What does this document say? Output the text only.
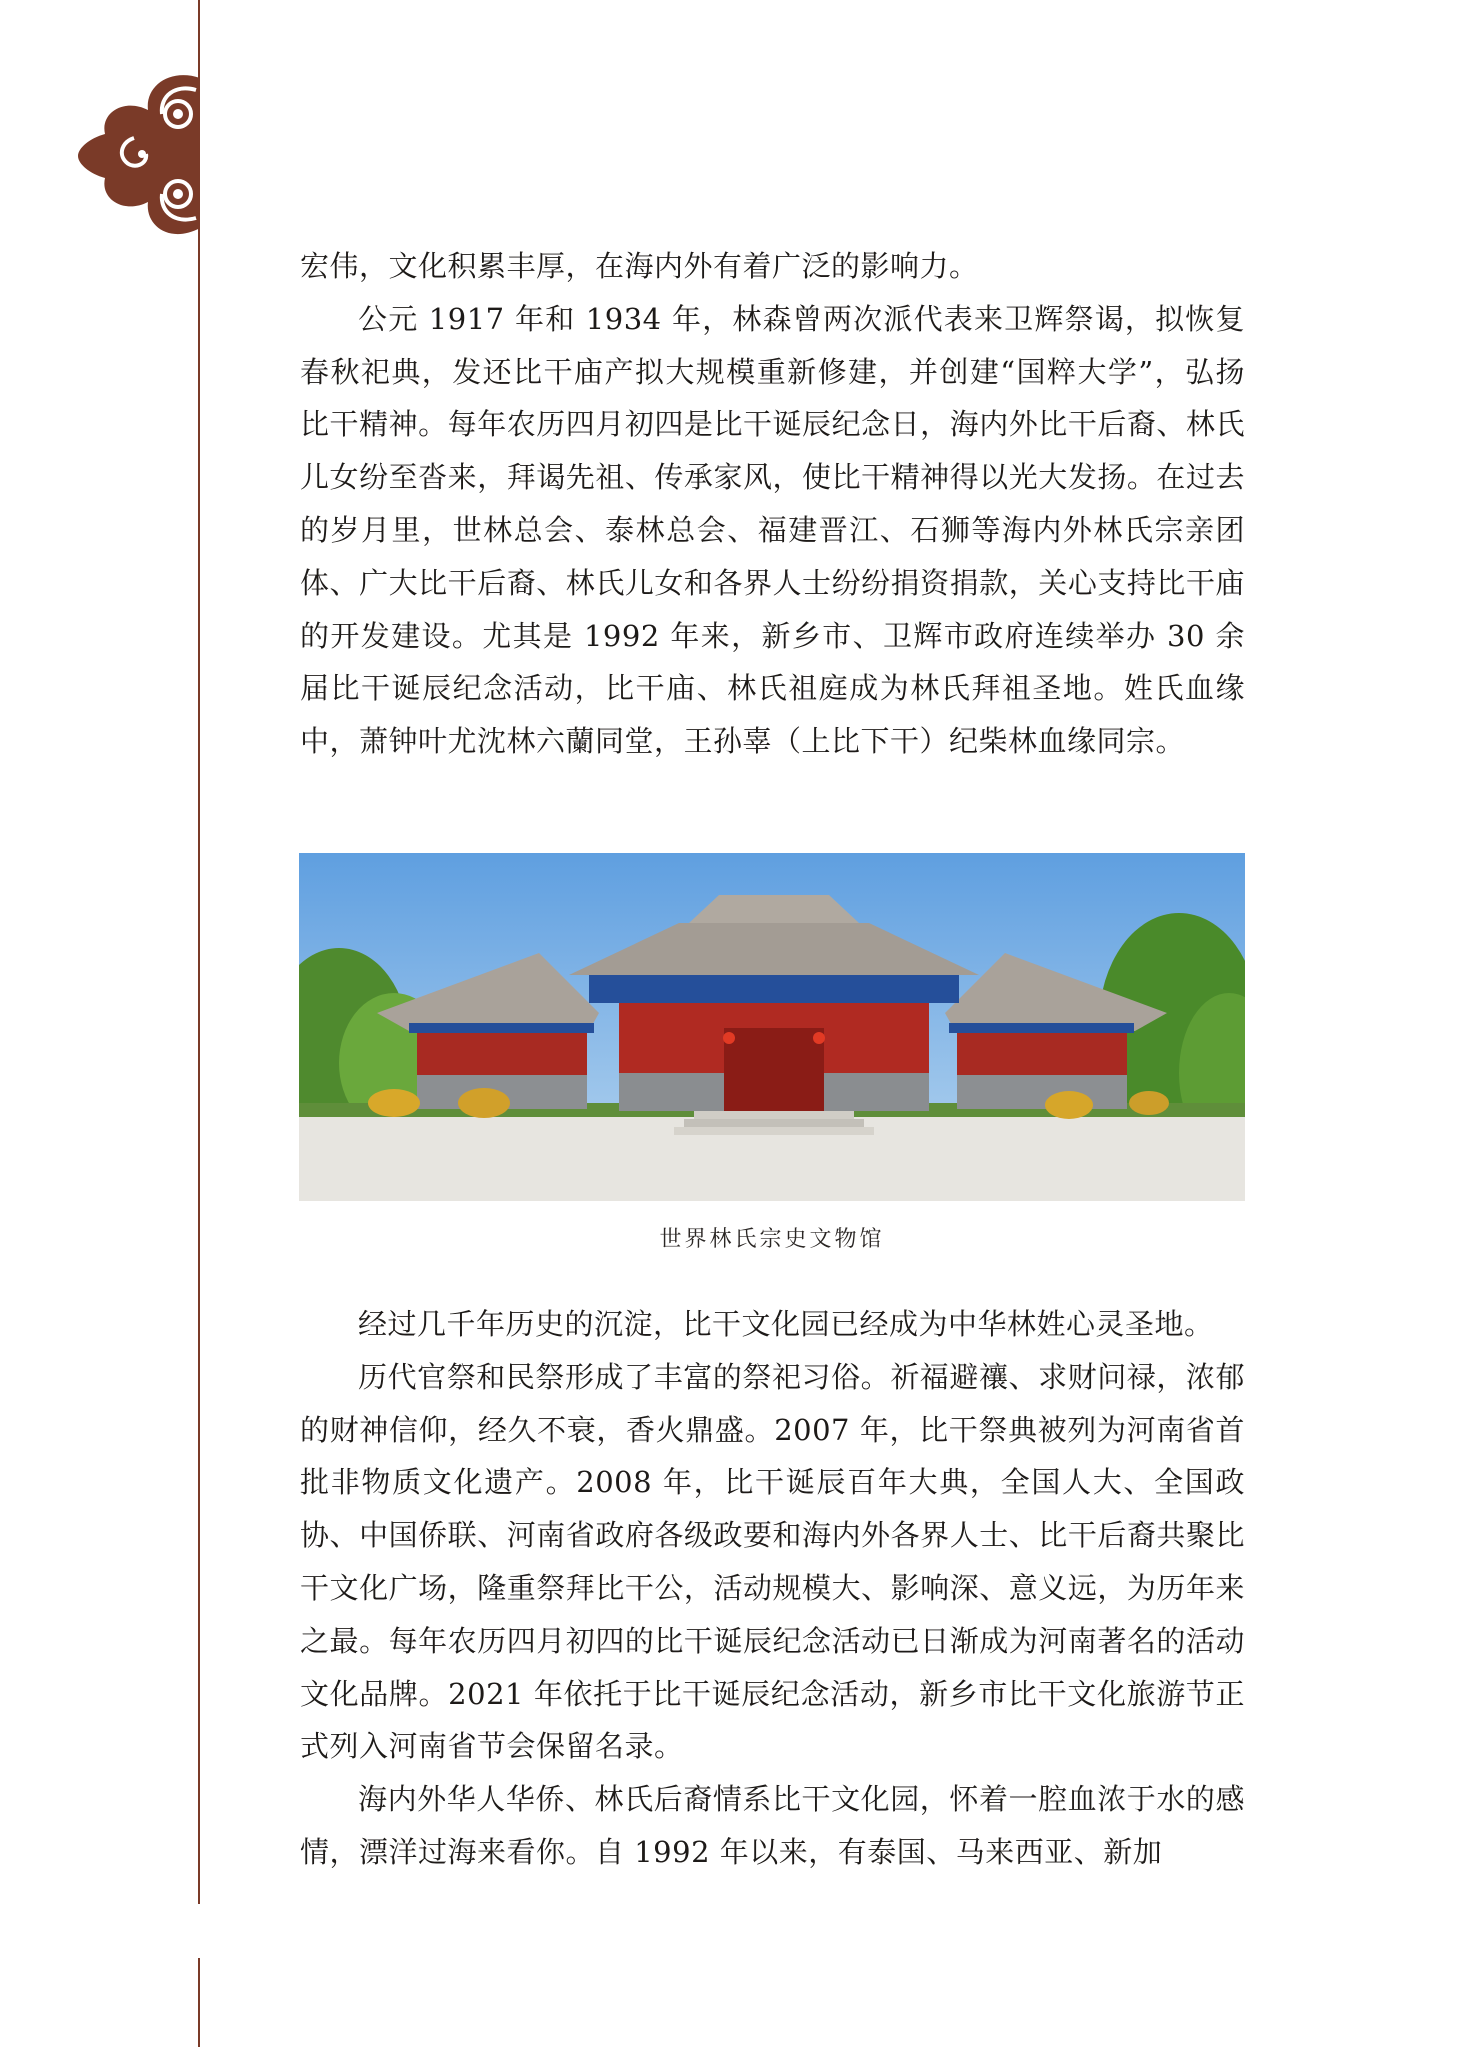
宏伟，文化积累丰厚，在海内外有着广泛的影响力。

公元 1917 年和 1934 年，林森曾两次派代表来卫辉祭谒，拟恢复春秋祀典，发还比干庙产拟大规模重新修建，并创建“国粹大学”，弘扬比干精神。每年农历四月初四是比干诞辰纪念日，海内外比干后裔、林氏儿女纷至沓来，拜谒先祖、传承家风，使比干精神得以光大发扬。在过去的岁月里，世林总会、泰林总会、福建晋江、石狮等海内外林氏宗亲团体、广大比干后裔、林氏儿女和各界人士纷纷捐资捐款，关心支持比干庙的开发建设。尤其是 1992 年来，新乡市、卫辉市政府连续举办 30 余届比干诞辰纪念活动，比干庙、林氏祖庭成为林氏拜祖圣地。姓氏血缘中，萧钟叶尤沈林六蘭同堂，王孙辜（上比下干）纪柴林血缘同宗。

世界林氏宗史文物馆

经过几千年历史的沉淀，比干文化园已经成为中华林姓心灵圣地。

历代官祭和民祭形成了丰富的祭祀习俗。祈福避禳、求财问禄，浓郁的财神信仰，经久不衰，香火鼎盛。2007 年，比干祭典被列为河南省首批非物质文化遗产。2008 年，比干诞辰百年大典，全国人大、全国政协、中国侨联、河南省政府各级政要和海内外各界人士、比干后裔共聚比干文化广场，隆重祭拜比干公，活动规模大、影响深、意义远，为历年来之最。每年农历四月初四的比干诞辰纪念活动已日渐成为河南著名的活动文化品牌。2021 年依托于比干诞辰纪念活动，新乡市比干文化旅游节正式列入河南省节会保留名录。

海内外华人华侨、林氏后裔情系比干文化园，怀着一腔血浓于水的感情，漂洋过海来看你。自 1992 年以来，有泰国、马来西亚、新加
